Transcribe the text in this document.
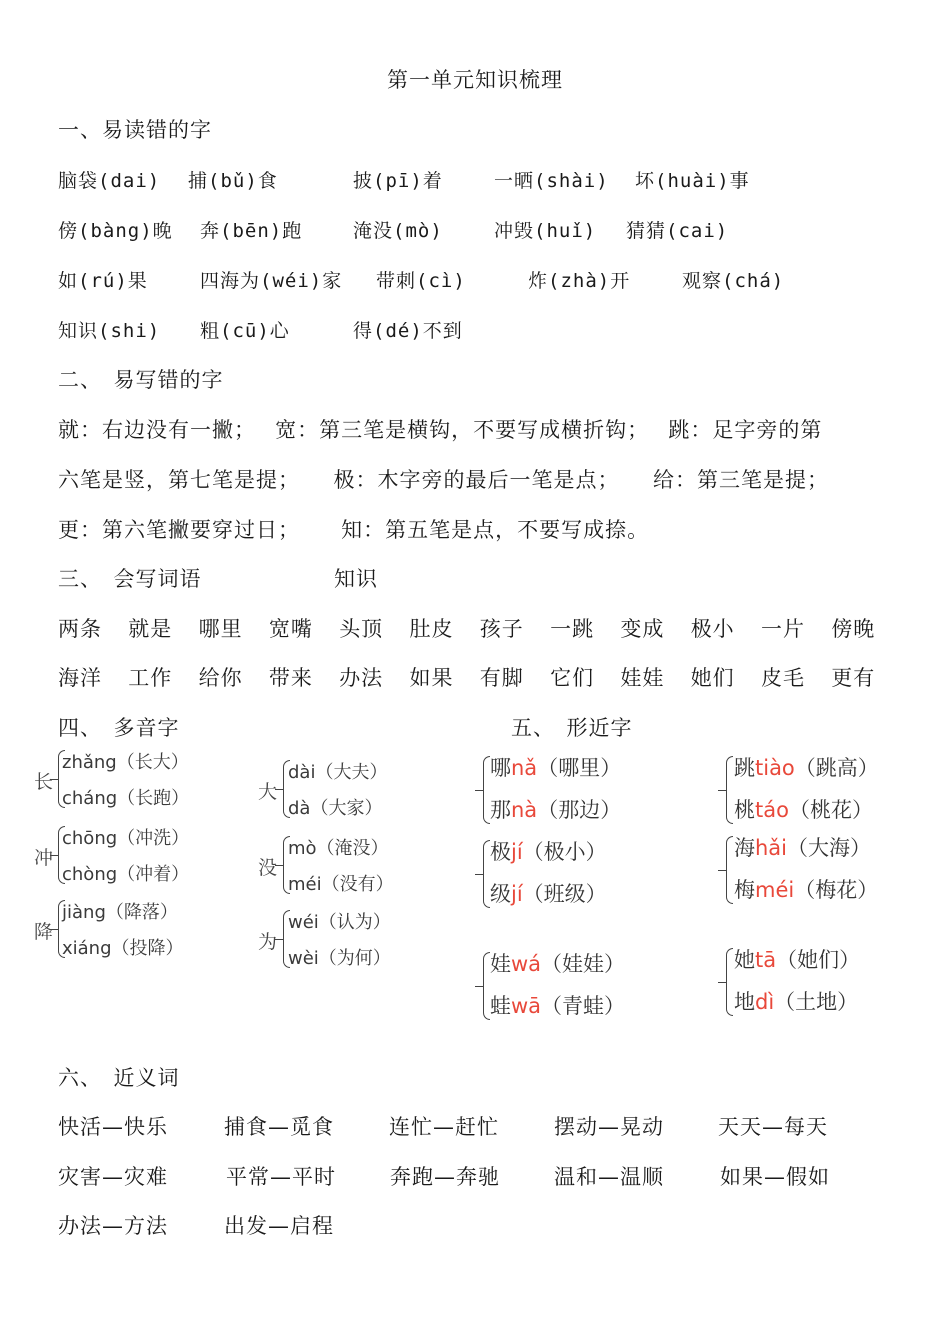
第一单元知识梳理
一、易读错的字
脑袋(dai) 捕(bǔ)食	披(pī)着	一晒(shài) 坏(huài)事
傍(bàng)晚 奔(bēn)跑	淹没(mò)	冲毁(huǐ) 猜猜(cai)
如(rú)果	四海为(wéi)家 带刺(cì)	炸(zhà)开	观察(chá)
知识(shi) 粗(cū)心	得(dé)不到
二、　易写错的字
就：右边没有一撇；　 宽：第三笔是横钩，不要写成横折钩；　 跳：足字旁的第
六笔是竖，第七笔是提；　　极：木字旁的最后一笔是点；　　给：第三笔是提；
更：第六笔撇要穿过日；　　 知：第五笔是点，不要写成捺。
三、　会写词语	知识
两条 就是 哪里 宽嘴 头顶 肚皮 孩子 一跳 变成 极小 一片 傍晚
海洋 工作 给你 带来 办法 如果 有脚 它们 娃娃 她们 皮毛 更有
四、　多音字
长
zhǎng（长大）
cháng（长跑）
冲
chōng（冲洗）
chòng（冲着）
降
jiàng（降落）
xiáng（投降）
大
dài（大夫）
dà（大家）
没
mò（淹没）
méi（没有）
为
wéi（认为）
wèi（为何）
五、　形近字
哪nǎ（哪里）
那nà（那边）
跳tiào（跳高）
桃táo（桃花）
极jí（极小）
级jí（班级）
海hǎi（大海）
梅méi（梅花）
娃wá（娃娃）
蛙wā（青蛙）
她tā（她们）
地dì（土地）
六、　近义词
快活—快乐	捕食—觅食	连忙—赶忙	摆动—晃动	天天—每天
灾害—灾难	平常—平时	奔跑—奔驰	温和—温顺	如果—假如
办法—方法	出发—启程
